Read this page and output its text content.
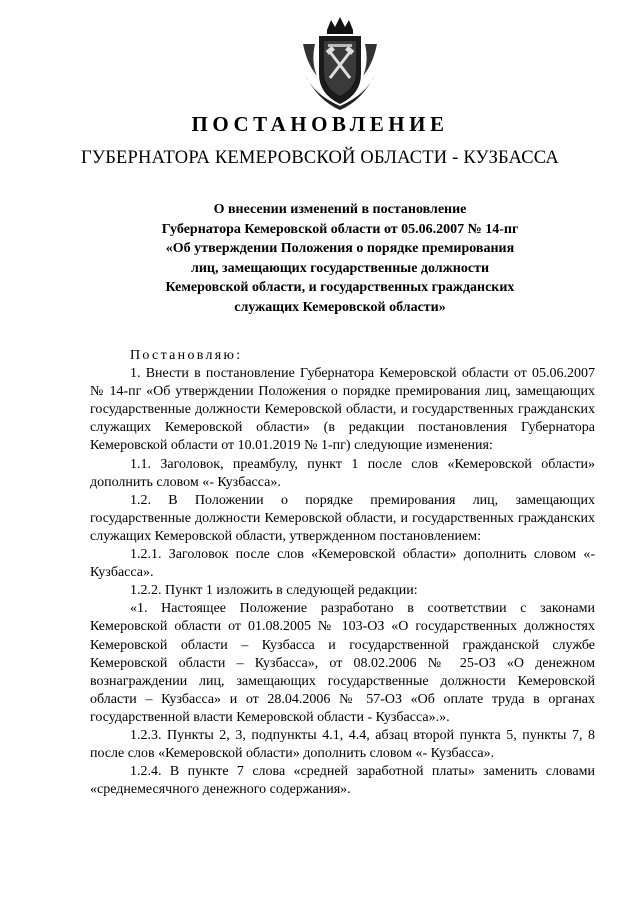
ПОСТАНОВЛЕНИЕ
ГУБЕРНАТОРА КЕМЕРОВСКОЙ ОБЛАСТИ - КУЗБАССА
О внесении изменений в постановление
Губернатора Кемеровской области от 05.06.2007 № 14-пг
«Об утверждении Положения о порядке премирования
лиц, замещающих государственные должности
Кемеровской области, и государственных гражданских
служащих Кемеровской области»
Постановляю:
1. Внести в постановление Губернатора Кемеровской области от 05.06.2007 № 14-пг «Об утверждении Положения о порядке премирования лиц, замещающих государственные должности Кемеровской области, и государственных гражданских служащих Кемеровской области» (в редакции постановления Губернатора Кемеровской области от 10.01.2019 № 1-пг) следующие изменения:
1.1. Заголовок, преамбулу, пункт 1 после слов «Кемеровской области» дополнить словом «- Кузбасса».
1.2. В Положении о порядке премирования лиц, замещающих государственные должности Кемеровской области, и государственных гражданских служащих Кемеровской области, утвержденном постановлением:
1.2.1. Заголовок после слов «Кемеровской области» дополнить словом «- Кузбасса».
1.2.2. Пункт 1 изложить в следующей редакции:
«1. Настоящее Положение разработано в соответствии с законами Кемеровской области от 01.08.2005 № 103-ОЗ «О государственных должностях Кемеровской области – Кузбасса и государственной гражданской службе Кемеровской области – Кузбасса», от 08.02.2006 № 25-ОЗ «О денежном вознаграждении лиц, замещающих государственные должности Кемеровской области – Кузбасса» и от 28.04.2006 № 57-ОЗ «Об оплате труда в органах государственной власти Кемеровской области - Кузбасса».».
1.2.3. Пункты 2, 3, подпункты 4.1, 4.4, абзац второй пункта 5, пункты 7, 8 после слов «Кемеровской области» дополнить словом «- Кузбасса».
1.2.4. В пункте 7 слова «средней заработной платы» заменить словами «среднемесячного денежного содержания».
